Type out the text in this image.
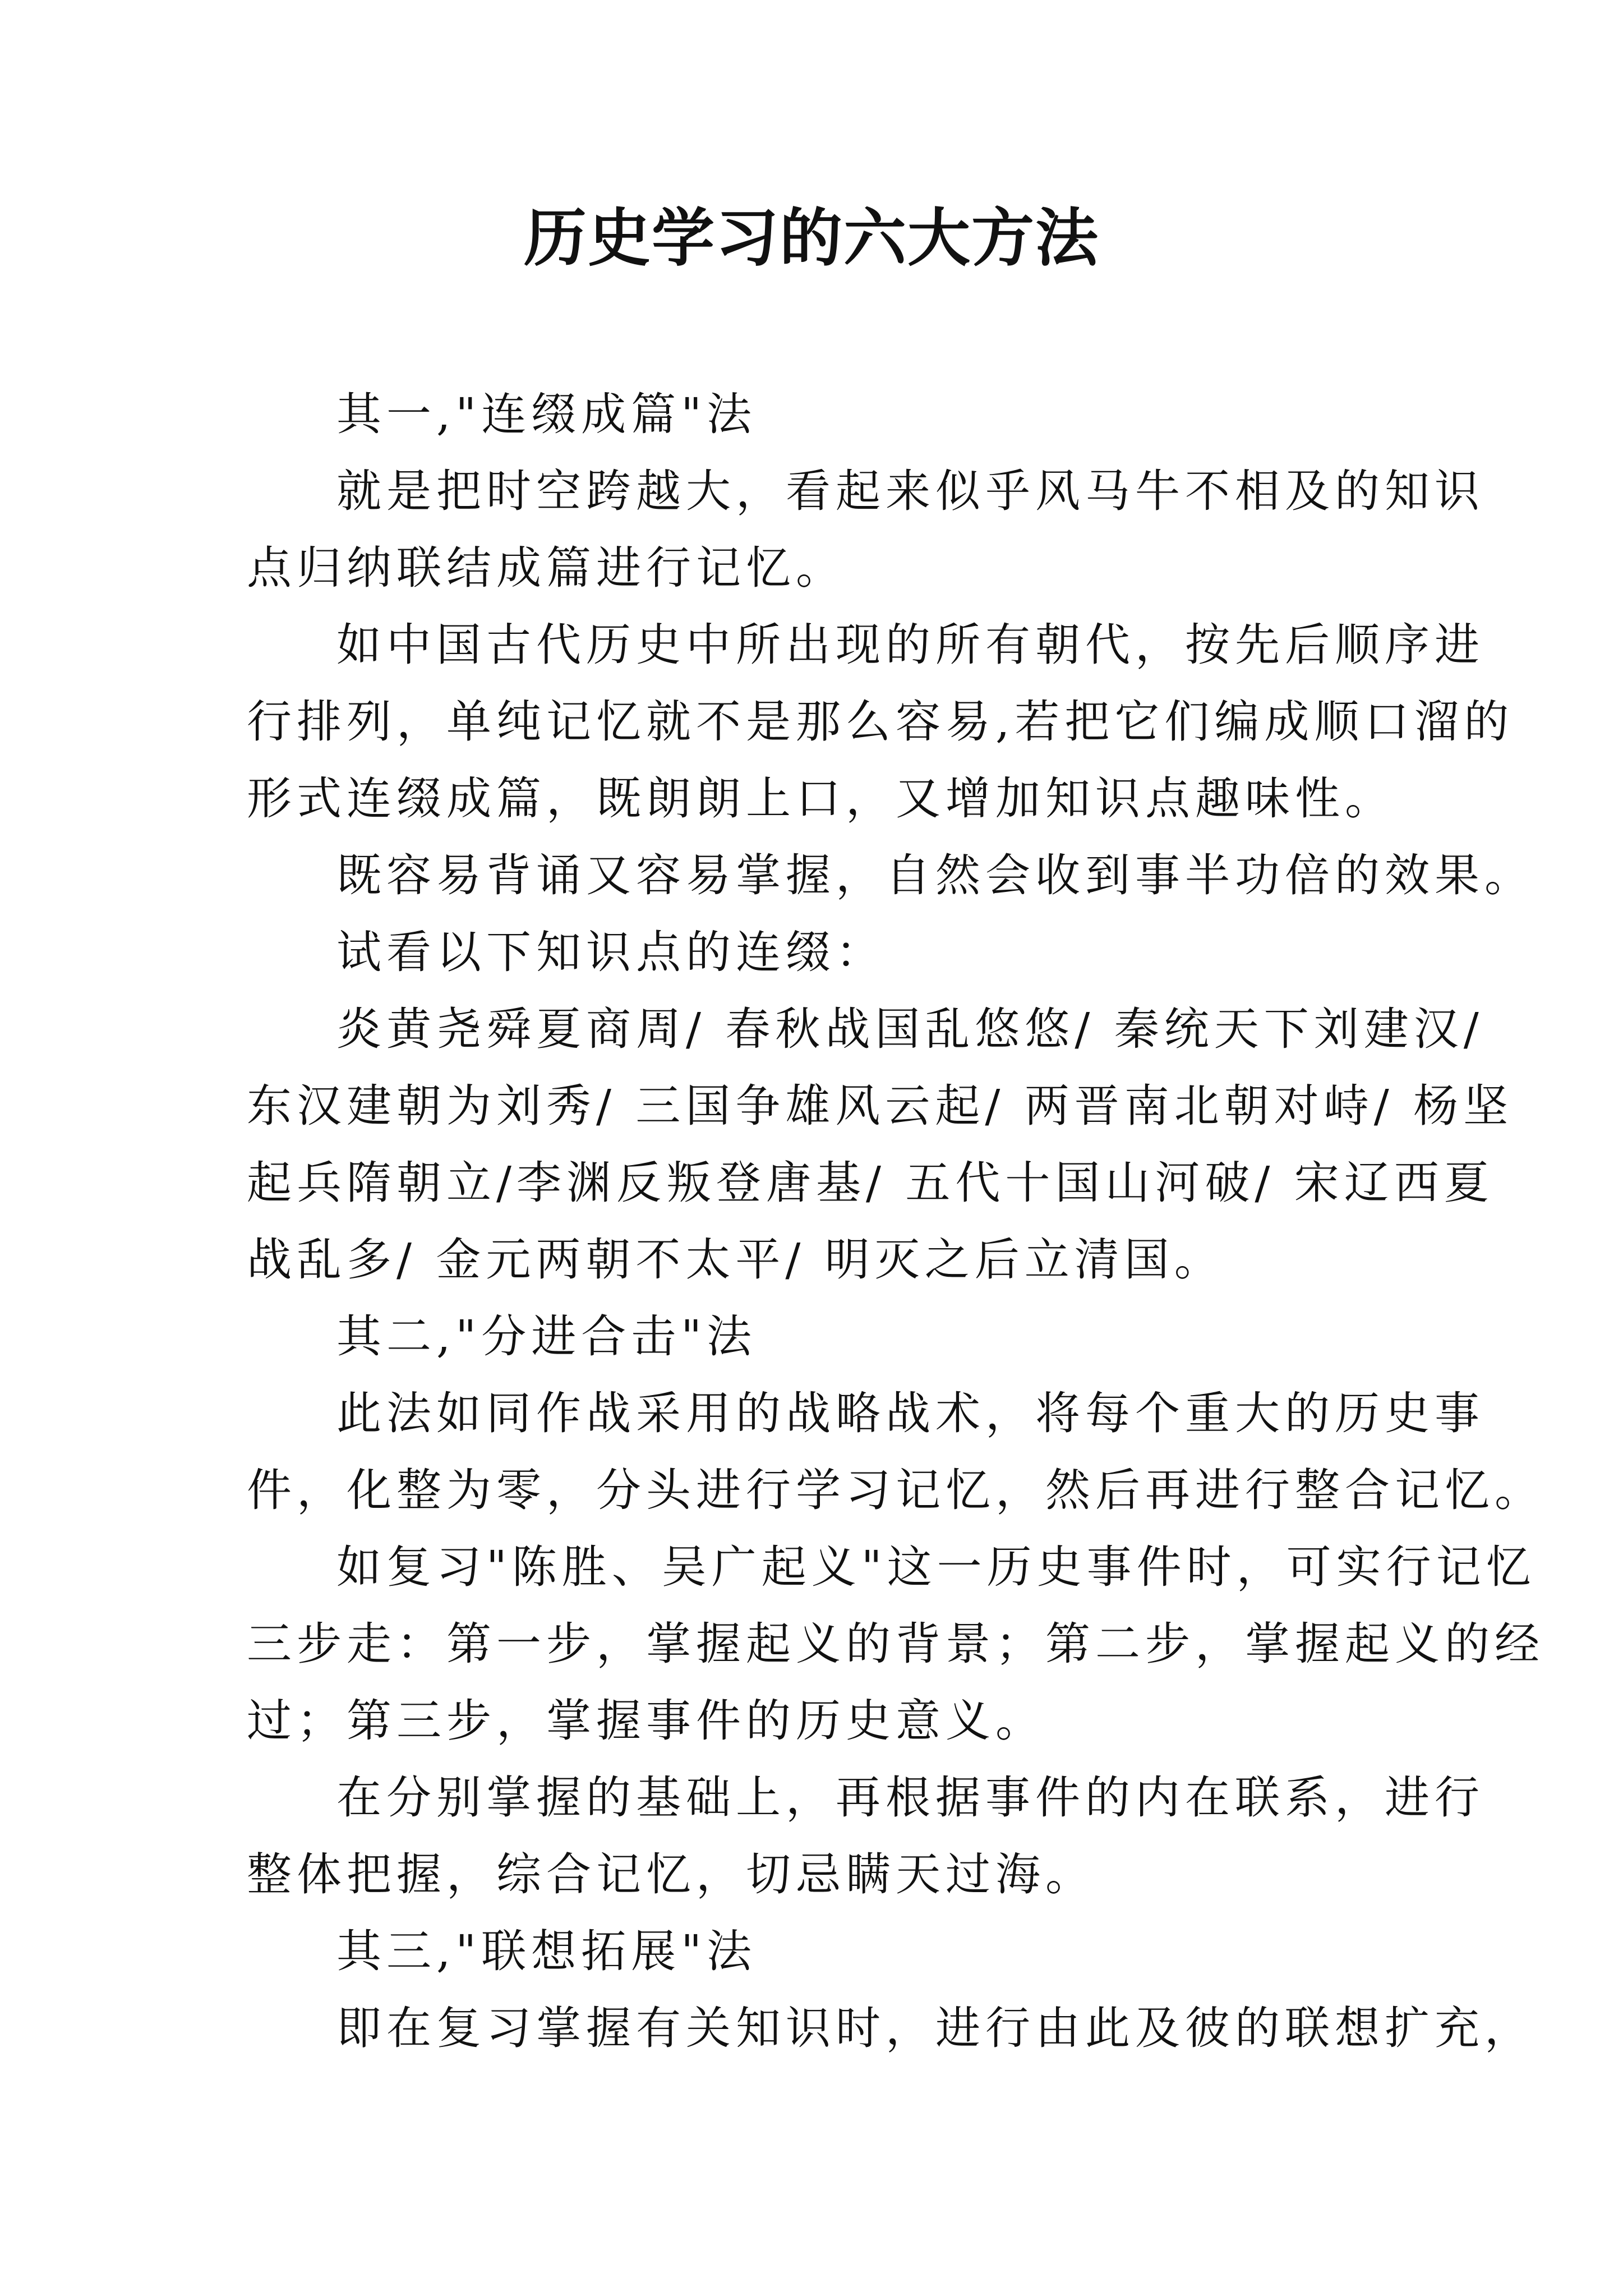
历史学习的六大方法
其一,"连缀成篇"法
就是把时空跨越大，看起来似乎风马牛不相及的知识
点归纳联结成篇进行记忆。
如中国古代历史中所出现的所有朝代，按先后顺序进
行排列，单纯记忆就不是那么容易,若把它们编成顺口溜的
形式连缀成篇，既朗朗上口，又增加知识点趣味性。
既容易背诵又容易掌握，自然会收到事半功倍的效果。
试看以下知识点的连缀：
炎黄尧舜夏商周/ 春秋战国乱悠悠/ 秦统天下刘建汉/
东汉建朝为刘秀/ 三国争雄风云起/ 两晋南北朝对峙/ 杨坚
起兵隋朝立/李渊反叛登唐基/ 五代十国山河破/ 宋辽西夏
战乱多/ 金元两朝不太平/ 明灭之后立清国。
其二,"分进合击"法
此法如同作战采用的战略战术，将每个重大的历史事
件，化整为零，分头进行学习记忆，然后再进行整合记忆。
如复习"陈胜、吴广起义"这一历史事件时，可实行记忆
三步走：第一步，掌握起义的背景；第二步，掌握起义的经
过；第三步，掌握事件的历史意义。
在分别掌握的基础上，再根据事件的内在联系，进行
整体把握，综合记忆，切忌瞒天过海。
其三,"联想拓展"法
即在复习掌握有关知识时，进行由此及彼的联想扩充，
